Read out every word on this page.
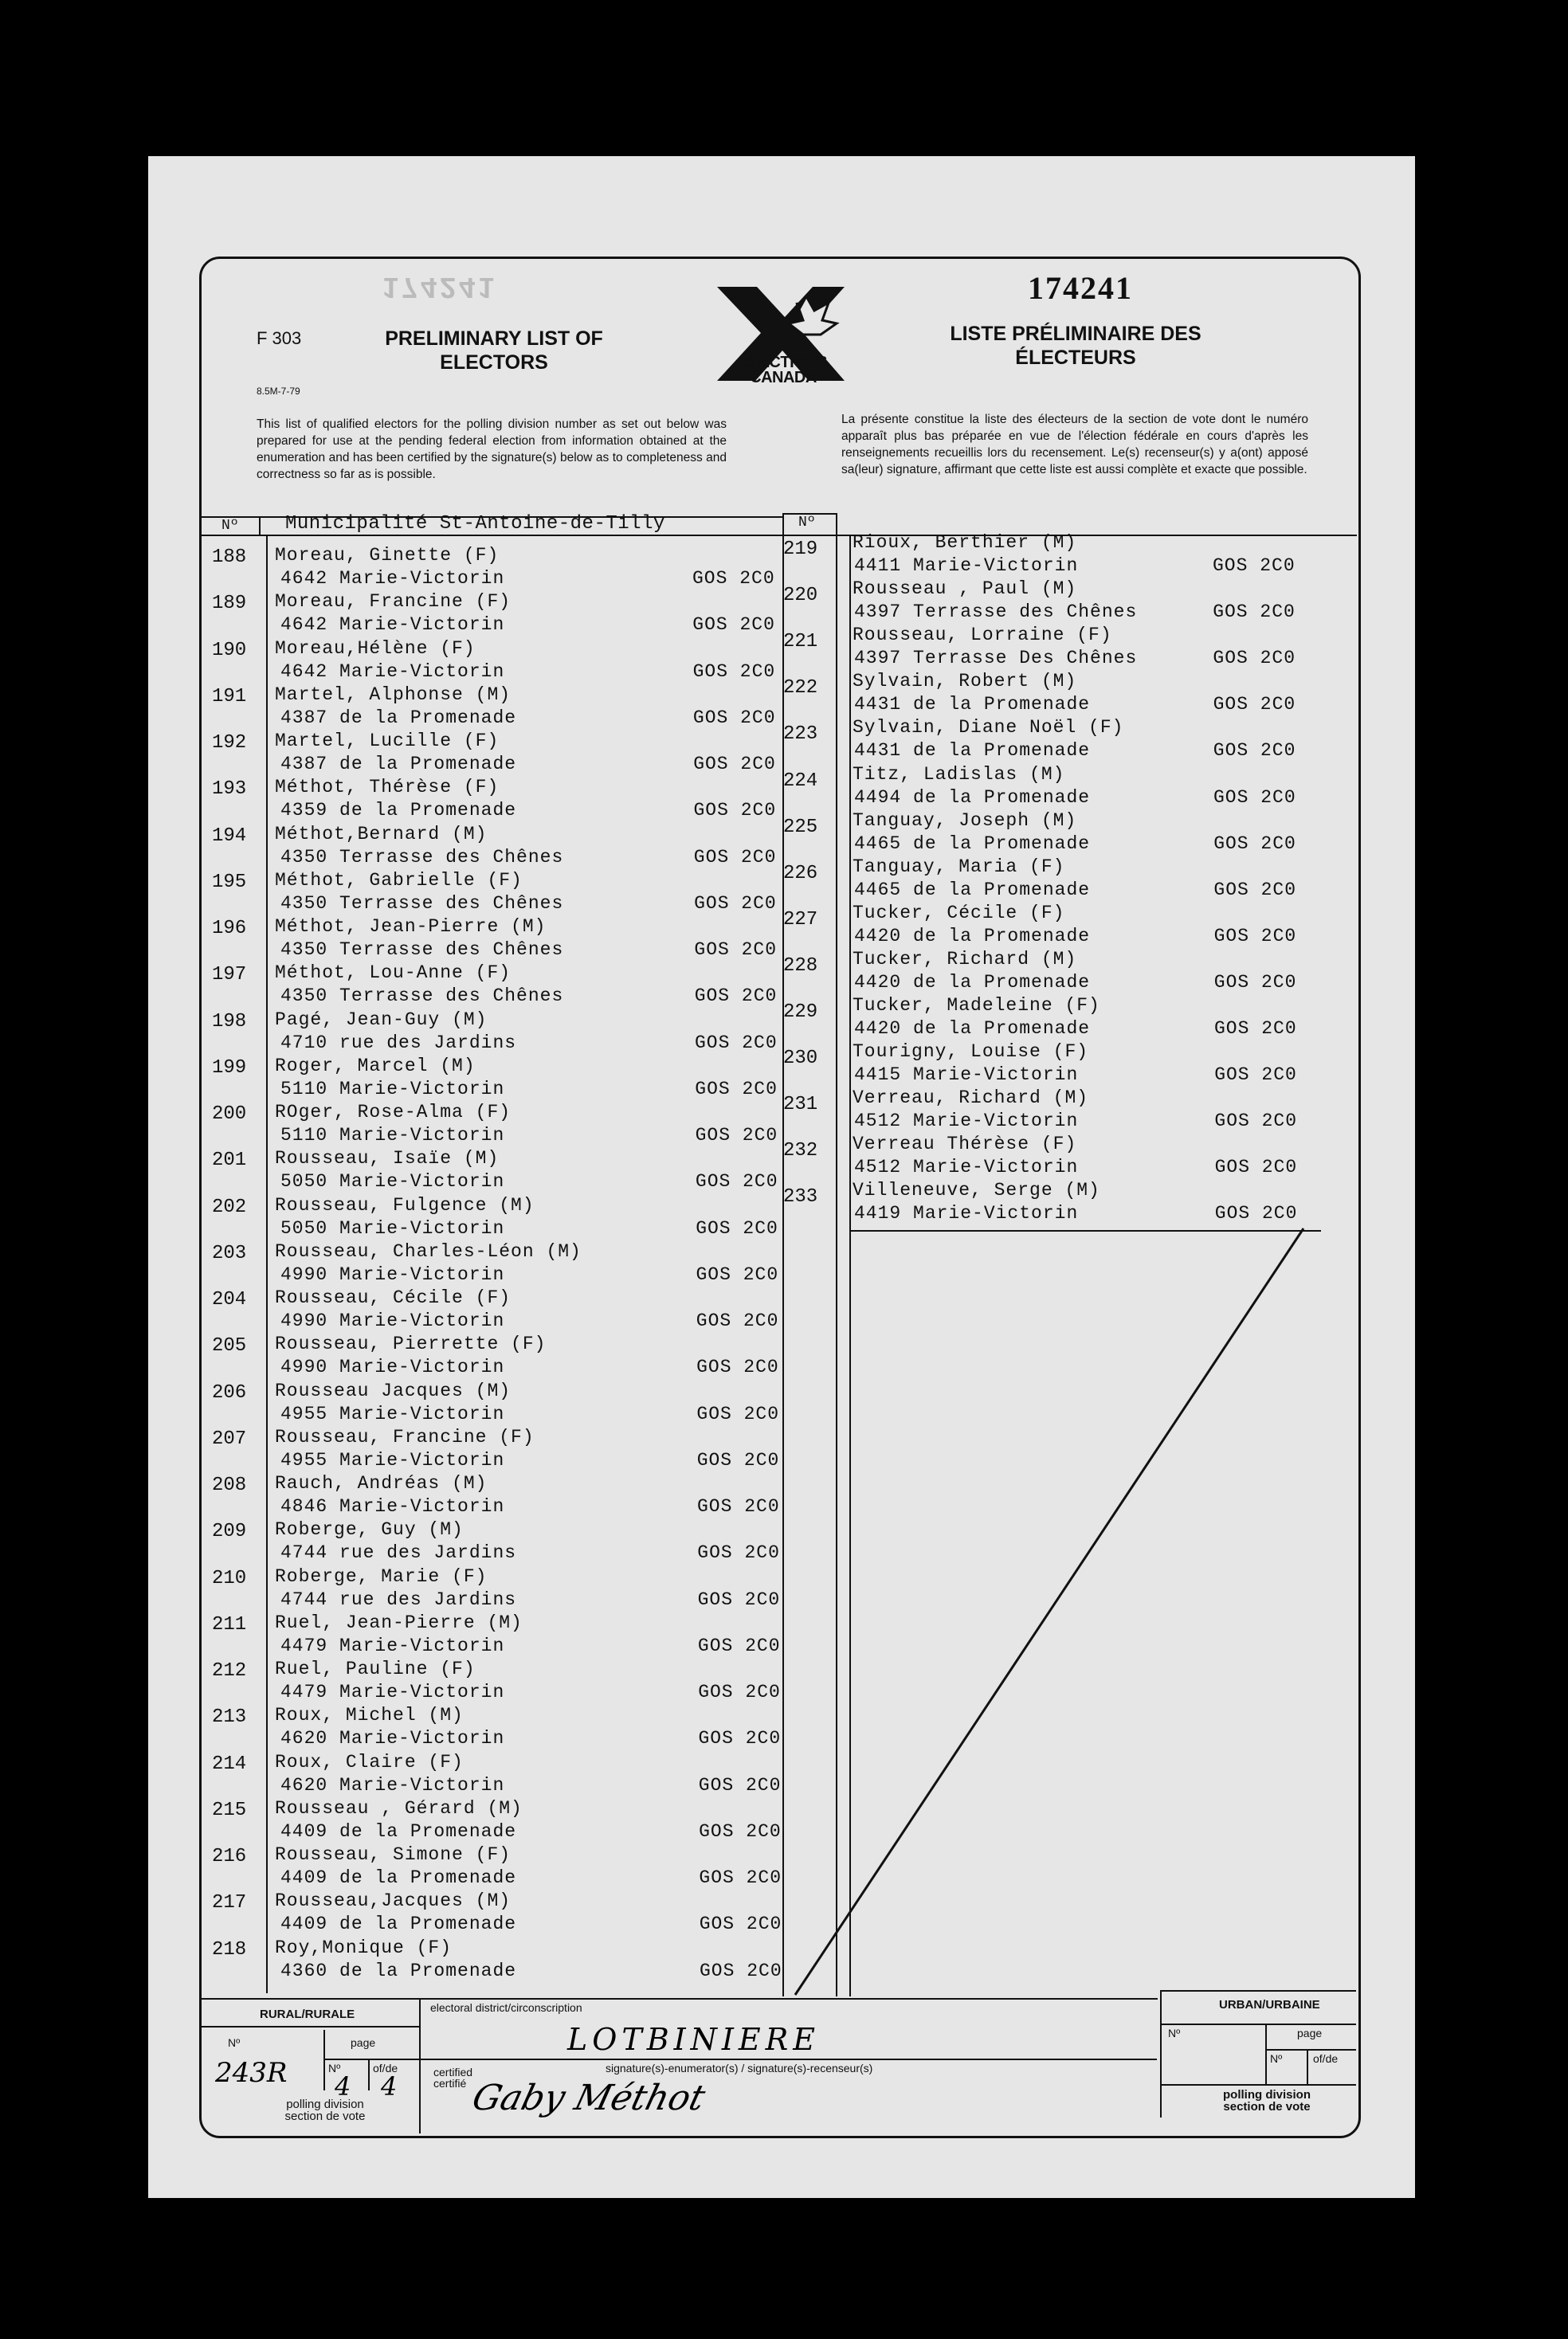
174241
F 303
8.5M-7-79
PRELIMINARY LIST OF ELECTORS	ELECTIONS CANADA
174241
LISTE PRÉLIMINAIRE DES ÉLECTEURS
This list of qualified electors for the polling division number as set out below was prepared for use at the pending federal election from information obtained at the enumeration and has been certified by the signature(s) below as to completeness and correctness so far as is possible.
La présente constitue la liste des électeurs de la section de vote dont le numéro apparaît plus bas préparée en vue de l'élection fédérale en cours d'après les renseignements recueillis lors du recensement. Le(s) recenseur(s) y a(ont) apposé sa(leur) signature, affirmant que cette liste est aussi complète et exacte que possible.
Nº Municipalité St-Antoine-de-Tilly	Nº
188 Moreau, Ginette (F)
4642 Marie-Victorin	GOS 2C0
189 Moreau, Francine (F)
4642 Marie-Victorin	GOS 2C0
190 Moreau,Hélène (F)
4642 Marie-Victorin	GOS 2C0
191 Martel, Alphonse (M)
4387 de la Promenade	GOS 2C0
192 Martel, Lucille (F)
4387 de la Promenade	GOS 2C0
193 Méthot, Thérèse (F)
4359 de la Promenade	GOS 2C0
194 Méthot,Bernard (M)
4350 Terrasse des Chênes	GOS 2C0
195 Méthot, Gabrielle (F)
4350 Terrasse des Chênes	GOS 2C0
196 Méthot, Jean-Pierre (M)
4350 Terrasse des Chênes	GOS 2C0
197 Méthot, Lou-Anne (F)
4350 Terrasse des Chênes	GOS 2C0
198 Pagé, Jean-Guy (M)
4710 rue des Jardins	GOS 2C0
199 Roger, Marcel (M)
5110 Marie-Victorin	GOS 2C0
200 ROger, Rose-Alma (F)
5110 Marie-Victorin	GOS 2C0
201 Rousseau, Isaïe (M)
5050 Marie-Victorin	GOS 2C0
202 Rousseau, Fulgence (M)
5050 Marie-Victorin	GOS 2C0
203 Rousseau, Charles-Léon (M)
4990 Marie-Victorin	GOS 2C0
204 Rousseau, Cécile (F)
4990 Marie-Victorin	GOS 2C0
205 Rousseau, Pierrette (F)
4990 Marie-Victorin	GOS 2C0
206 Rousseau Jacques (M)
4955 Marie-Victorin	GOS 2C0
207 Rousseau, Francine (F)
4955 Marie-Victorin	GOS 2C0
208 Rauch, Andréas (M)
4846 Marie-Victorin	GOS 2C0
209 Roberge, Guy (M)
4744 rue des Jardins	GOS 2C0
210 Roberge, Marie (F)
4744 rue des Jardins	GOS 2C0
211 Ruel, Jean-Pierre (M)
4479 Marie-Victorin	GOS 2C0
212 Ruel, Pauline (F)
4479 Marie-Victorin	GOS 2C0
213 Roux, Michel (M)
4620 Marie-Victorin	GOS 2C0
214 Roux, Claire (F)
4620 Marie-Victorin	GOS 2C0
215 Rousseau , Gérard (M)
4409 de la Promenade	GOS 2C0
216 Rousseau, Simone (F)
4409 de la Promenade	GOS 2C0
217 Rousseau,Jacques (M)
4409 de la Promenade	GOS 2C0
218 Roy,Monique (F)
4360 de la Promenade	GOS 2C0
219 Rioux, Berthier (M)
4411 Marie-Victorin	GOS 2C0
220 Rousseau , Paul (M)
4397 Terrasse des Chênes	GOS 2C0
221 Rousseau, Lorraine (F)
4397 Terrasse Des Chênes	GOS 2C0
222 Sylvain, Robert (M)
4431 de la Promenade	GOS 2C0
223 Sylvain, Diane Noël (F)
4431 de la Promenade	GOS 2C0
224 Titz, Ladislas (M)
4494 de la Promenade	GOS 2C0
225 Tanguay, Joseph (M)
4465 de la Promenade	GOS 2C0
226 Tanguay, Maria (F)
4465 de la Promenade	GOS 2C0
227 Tucker, Cécile (F)
4420 de la Promenade	GOS 2C0
228 Tucker, Richard (M)
4420 de la Promenade	GOS 2C0
229 Tucker, Madeleine (F)
4420 de la Promenade	GOS 2C0
230 Tourigny, Louise (F)
4415 Marie-Victorin	GOS 2C0
231 Verreau, Richard (M)
4512 Marie-Victorin	GOS 2C0
232 Verreau Thérèse (F)
4512 Marie-Victorin	GOS 2C0
233 Villeneuve, Serge (M)
4419 Marie-Victorin	GOS 2C0
RURAL/RURALE
Nº	page
Nº	of/de
243R 4 4
polling division section de vote
electoral district/circonscription
LOTBINIERE
certified certifié
signature(s)-enumerator(s) / signature(s)-recenseur(s)
Gaby Méthot
URBAN/URBAINE
Nº	page
Nº	of/de
polling division section de vote
